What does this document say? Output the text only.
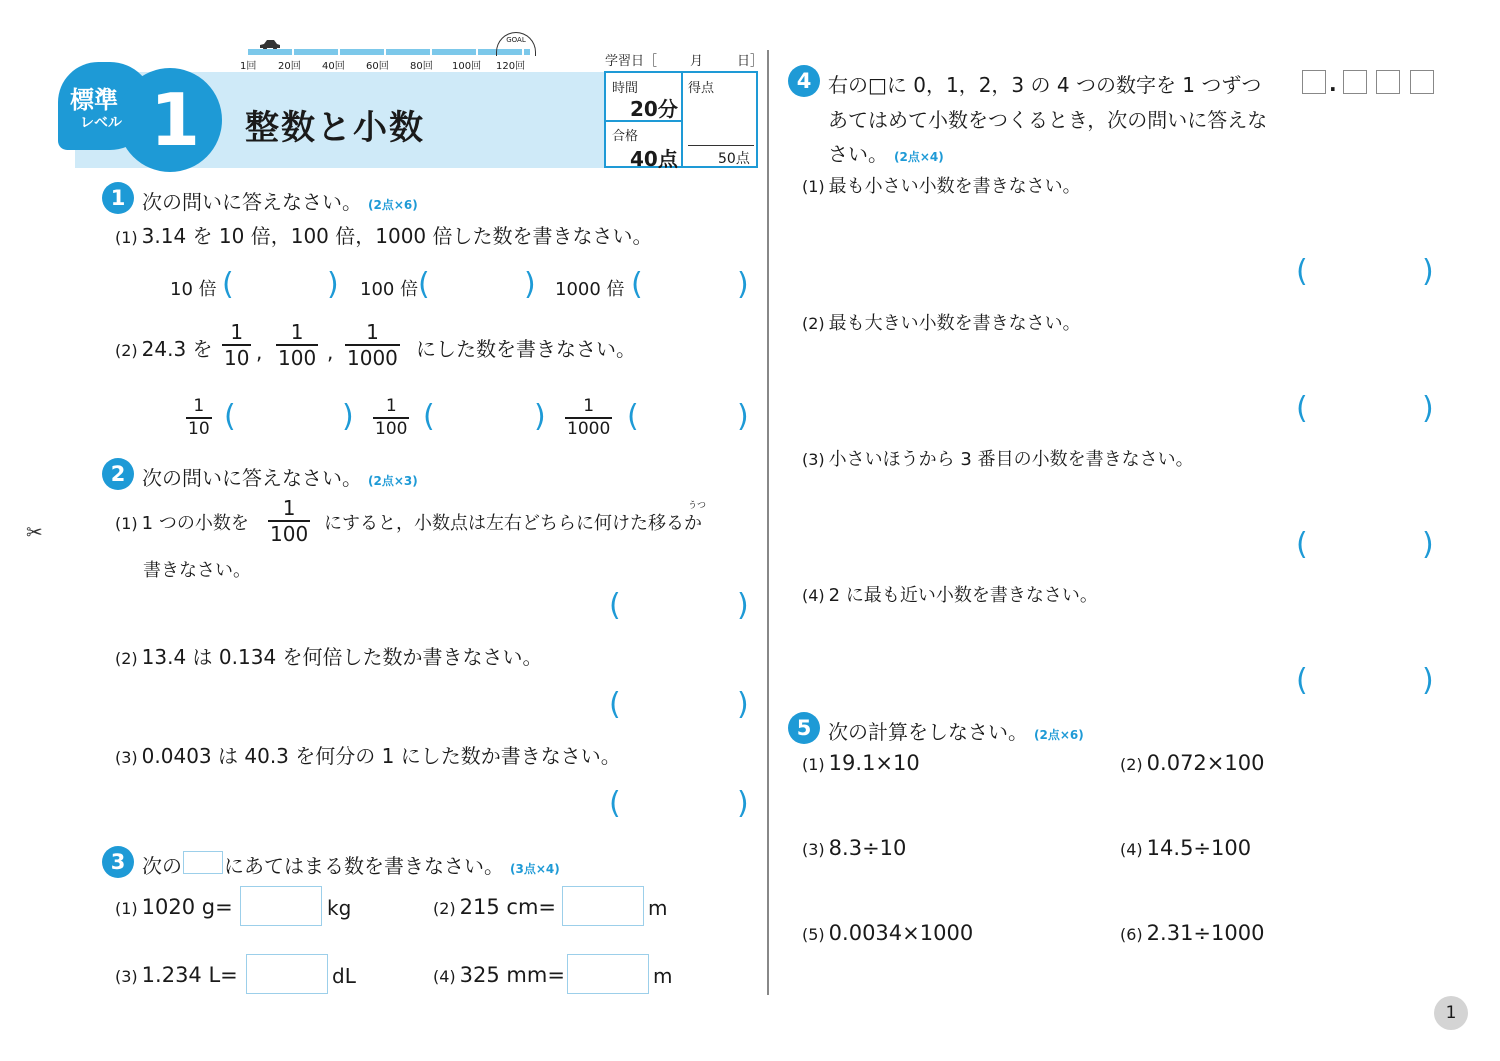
GOAL
1回 20回 40回 60回 80回 100回 120回
標準
レベル 1 整数と小数
学習日［	月	日］
時間
20分
合格
40点
得点
50点
✂
1 次の問いに答えなさい。 (2点×6)
(1) 3.14 を 10 倍，100 倍，1000 倍した数を書きなさい。
10 倍 (	) 100 倍 (	) 1000 倍 (	)
(2) 24.3 を
1
10 ,
1
100 ,
1
1000 にした数を書きなさい。
1
10 (	) 1
100 (	) 1
1000 (	)
2 次の問いに答えなさい。 (2点×3)
(1) 1 つの小数を
1
100 にすると，小数点は左右どちらに何けた移るか
うつ
書きなさい。
(	)
(2) 13.4 は 0.134 を何倍した数か書きなさい。
(	)
(3) 0.0403 は 40.3 を何分の 1 にした数か書きなさい。
(	)
3 次の にあてはまる数を書きなさい。 (3点×4)
(1) 1020 g=	kg	(2) 215 cm=	m
(3) 1.234 L=	dL	(4) 325 mm=	m
4 右の□に 0，1，2，3 の 4 つの数字を 1 つずつ
あてはめて小数をつくるとき，次の問いに答えな
さい。 (2点×4)
.
(1) 最も小さい小数を書きなさい。
(	)
(2) 最も大きい小数を書きなさい。
(	)
(3) 小さいほうから 3 番目の小数を書きなさい。
(	)
(4) 2 に最も近い小数を書きなさい。
(	)
5 次の計算をしなさい。 (2点×6)
(1) 19.1×10	(2) 0.072×100
(3) 8.3÷10	(4) 14.5÷100
(5) 0.0034×1000	(6) 2.31÷1000
1
